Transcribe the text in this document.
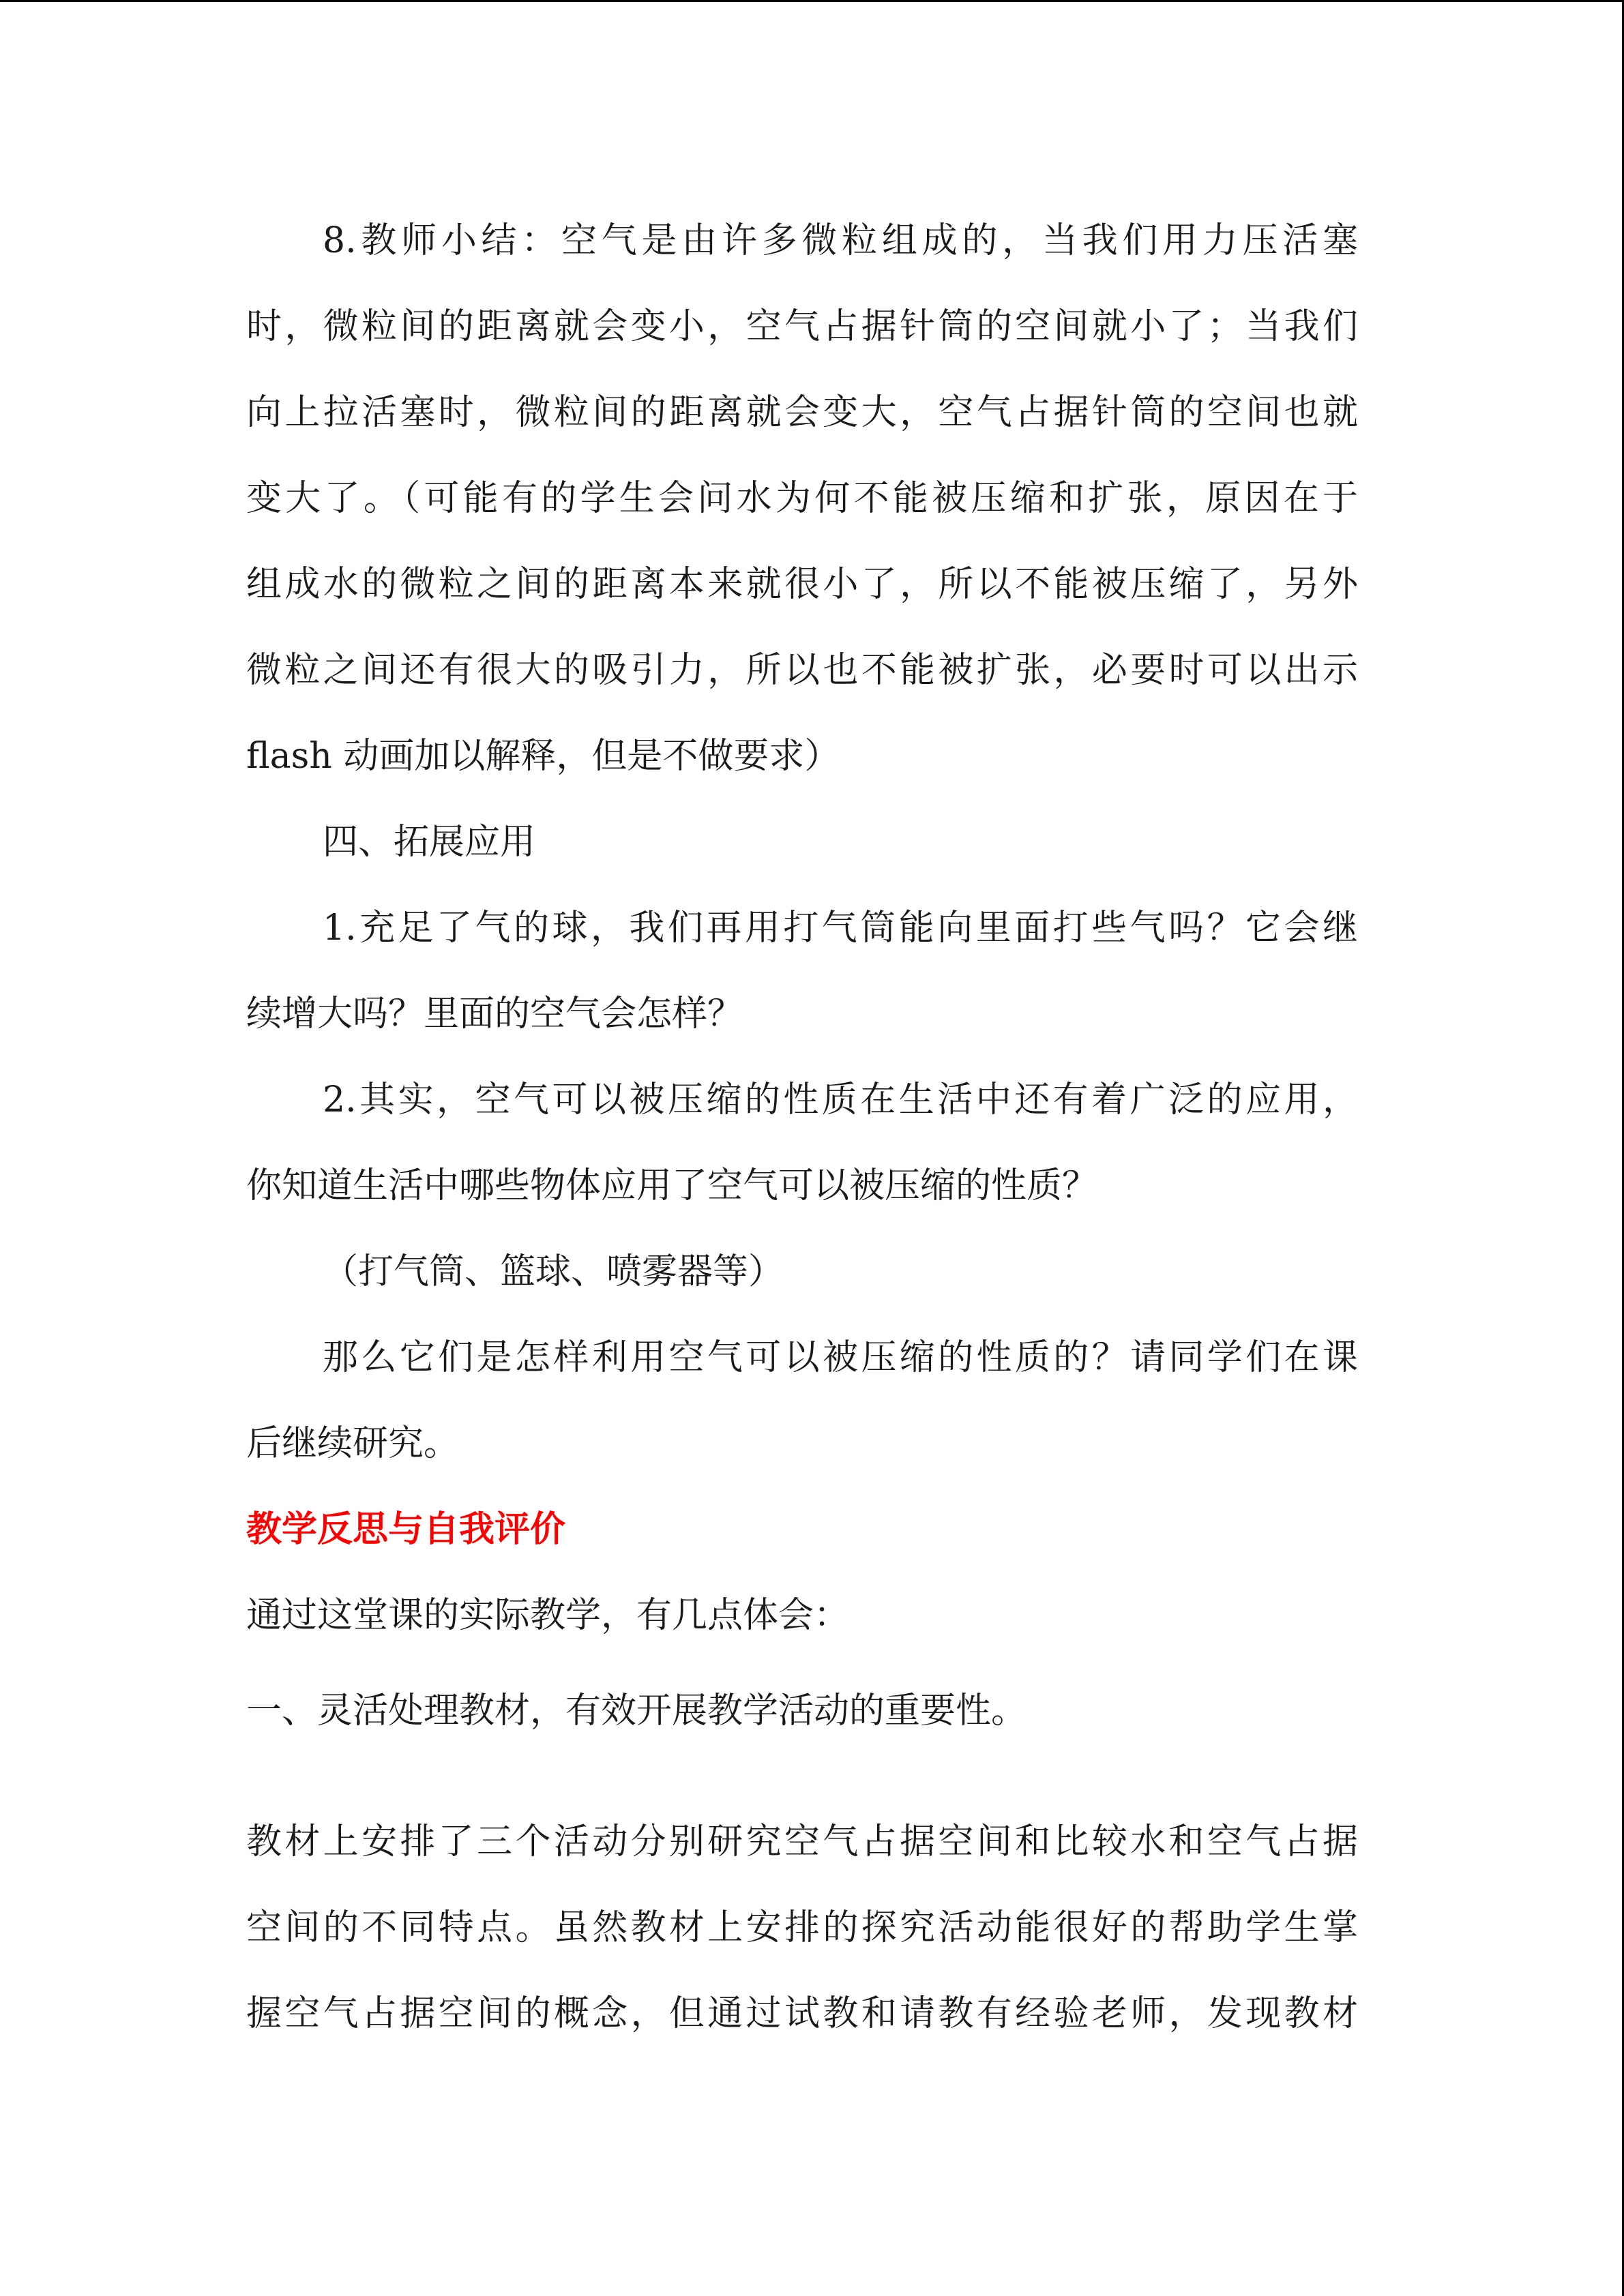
8.教师小结：空气是由许多微粒组成的，当我们用力压活塞
时，微粒间的距离就会变小，空气占据针筒的空间就小了；当我们
向上拉活塞时，微粒间的距离就会变大，空气占据针筒的空间也就
变大了。（可能有的学生会问水为何不能被压缩和扩张，原因在于
组成水的微粒之间的距离本来就很小了，所以不能被压缩了，另外
微粒之间还有很大的吸引力，所以也不能被扩张，必要时可以出示
flash 动画加以解释，但是不做要求）
四、拓展应用
1.充足了气的球，我们再用打气筒能向里面打些气吗？它会继
续增大吗？里面的空气会怎样？
2.其实，空气可以被压缩的性质在生活中还有着广泛的应用，
你知道生活中哪些物体应用了空气可以被压缩的性质？
（打气筒、篮球、喷雾器等）
那么它们是怎样利用空气可以被压缩的性质的？请同学们在课
后继续研究。
教学反思与自我评价
通过这堂课的实际教学，有几点体会：
一、灵活处理教材，有效开展教学活动的重要性。
教材上安排了三个活动分别研究空气占据空间和比较水和空气占据
空间的不同特点。虽然教材上安排的探究活动能很好的帮助学生掌
握空气占据空间的概念，但通过试教和请教有经验老师，发现教材
